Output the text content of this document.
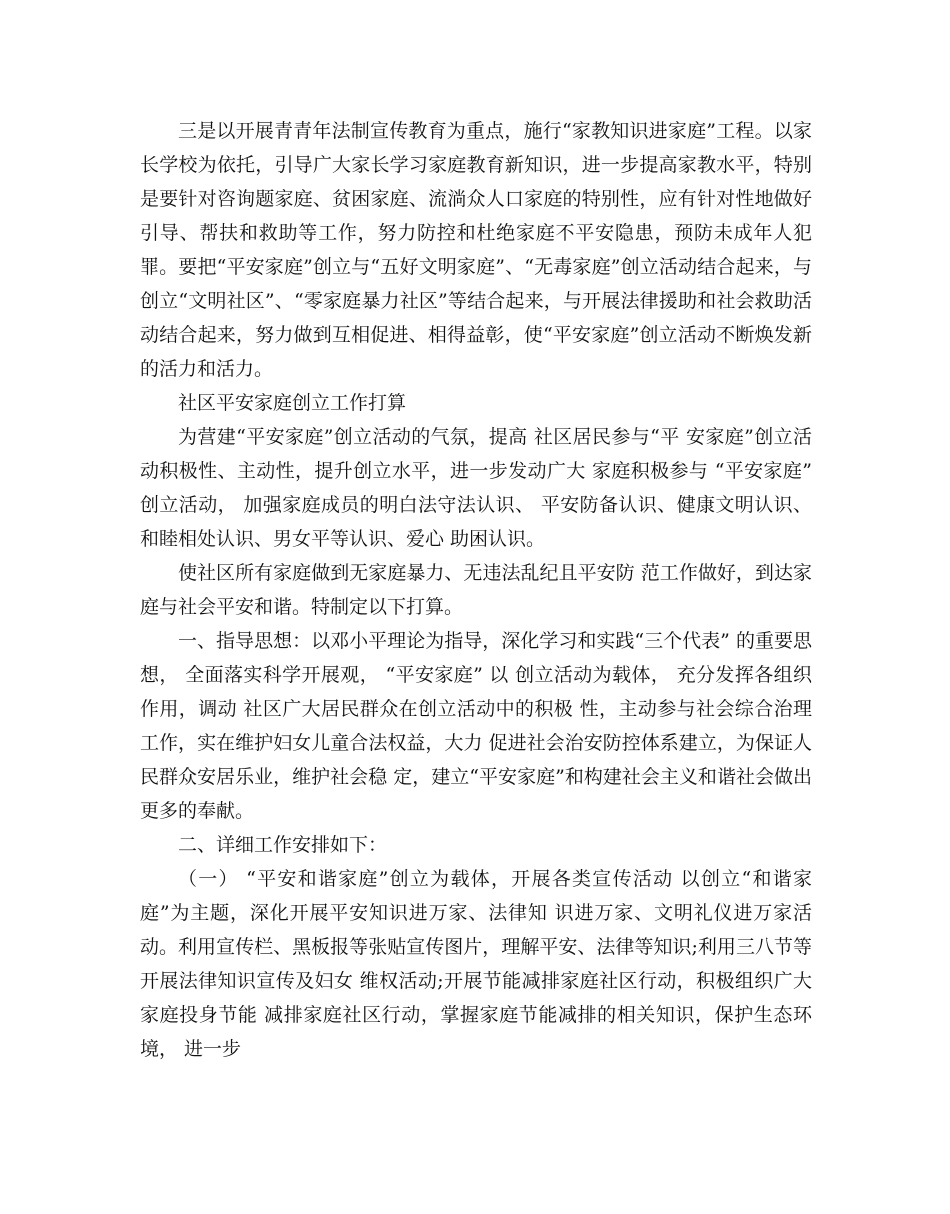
三是以开展青青年法制宣传教育为重点，施行“家教知识进家庭”工程。以家长学校为依托，引导广大家长学习家庭教育新知识，进一步提高家教水平，特别是要针对咨询题家庭、贫困家庭、流淌众人口家庭的特别性，应有针对性地做好引导、帮扶和救助等工作，努力防控和杜绝家庭不平安隐患，预防未成年人犯罪。要把“平安家庭”创立与“五好文明家庭”、“无毒家庭”创立活动结合起来，与创立“文明社区”、“零家庭暴力社区”等结合起来，与开展法律援助和社会救助活动结合起来，努力做到互相促进、相得益彰，使“平安家庭”创立活动不断焕发新的活力和活力。

社区平安家庭创立工作打算

为营建“平安家庭”创立活动的气氛，提高 社区居民参与“平 安家庭”创立活动积极性、主动性，提升创立水平，进一步发动广大 家庭积极参与 “平安家庭” 创立活动， 加强家庭成员的明白法守法认识、 平安防备认识、健康文明认识、和睦相处认识、男女平等认识、爱心 助困认识。

使社区所有家庭做到无家庭暴力、无违法乱纪且平安防 范工作做好，到达家庭与社会平安和谐。特制定以下打算。

一、指导思想：以邓小平理论为指导，深化学习和实践“三个代表” 的重要思想， 全面落实科学开展观， “平安家庭” 以 创立活动为载体， 充分发挥各组织作用，调动 社区广大居民群众在创立活动中的积极 性，主动参与社会综合治理工作，实在维护妇女儿童合法权益，大力 促进社会治安防控体系建立，为保证人民群众安居乐业，维护社会稳 定，建立“平安家庭”和构建社会主义和谐社会做出更多的奉献。

二、详细工作安排如下：

（一） “平安和谐家庭”创立为载体，开展各类宣传活动 以创立“和谐家庭”为主题，深化开展平安知识进万家、法律知 识进万家、文明礼仪进万家活动。利用宣传栏、黑板报等张贴宣传图片，理解平安、法律等知识;利用三八节等开展法律知识宣传及妇女 维权活动;开展节能减排家庭社区行动，积极组织广大家庭投身节能 减排家庭社区行动，掌握家庭节能减排的相关知识，保护生态环境， 进一步
